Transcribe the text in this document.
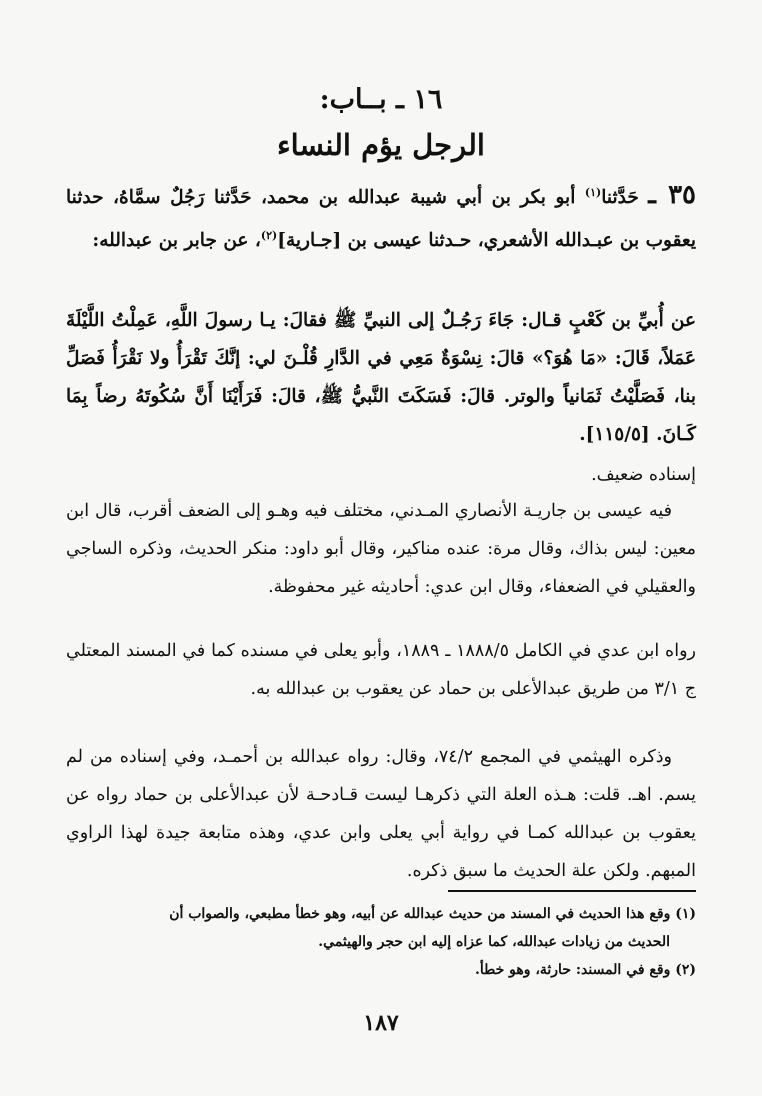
١٦ ـ بــاب:
الرجل يؤم النساء

٣٥ ـ حَدَّثنا$^{(١)}$ أبو بكر بن أبي شيبة عبدالله بن محمد، حَدَّثنا رَجُلٌ سمَّاهُ، حدثنا يعقوب بن عبـدالله الأشعري، حـدثنا عيسى بن [جـارية]$^{(٢)}$، عن جابر بن عبدالله:

عن أُبيِّ بن كَعْبٍ قـال: جَاءَ رَجُـلٌ إلى النبيِّ ﷺ فقالَ: يـا رسولَ اللَّهِ، عَمِلْتُ اللَّيْلَةَ عَمَلاً، قَالَ: «مَا هُوَ؟» قالَ: نِسْوَةٌ مَعِي في الدَّارِ قُلْـنَ لي: إنَّكَ تَقْرَأُ ولا نَقْرَأُ فَصَلِّ بنا، فَصَلَّيْتُ ثَمَانياً والوتر. قالَ: فَسَكَتَ النَّبيُّ ﷺ، قالَ: فَرَأَيْنَا أَنَّ سُكُوتَهُ رضاً بِمَا كَـانَ. [١١٥/٥].

إسناده ضعيف.

فيه عيسى بن جاريـة الأنصاري المـدني، مختلف فيه وهـو إلى الضعف أقرب، قال ابن معين: ليس بذاك، وقال مرة: عنده مناكير، وقال أبو داود: منكر الحديث، وذكره الساجي والعقيلي في الضعفاء، وقال ابن عدي: أحاديثه غير محفوظة.

رواه ابن عدي في الكامل ١٨٨٨/٥ ـ ١٨٨٩، وأبو يعلى في مسنده كما في المسند المعتلي ج ٣/١ من طريق عبدالأعلى بن حماد عن يعقوب بن عبدالله به.

وذكره الهيثمي في المجمع ٧٤/٢، وقال: رواه عبدالله بن أحمـد، وفي إسناده من لم يسم. اهـ. قلت: هـذه العلة التي ذكرهـا ليست قـادحـة لأن عبدالأعلى بن حماد رواه عن يعقوب بن عبدالله كمـا في رواية أبي يعلى وابن عدي، وهذه متابعة جيدة لهذا الراوي المبهم. ولكن علة الحديث ما سبق ذكره.

(١) وقع هذا الحديث في المسند من حديث عبدالله عن أبيه، وهو خطأ مطبعي، والصواب أن

الحديث من زيادات عبدالله، كما عزاه إليه ابن حجر والهيثمي.

(٢) وقع في المسند: حارثة، وهو خطأ.

١٨٧
